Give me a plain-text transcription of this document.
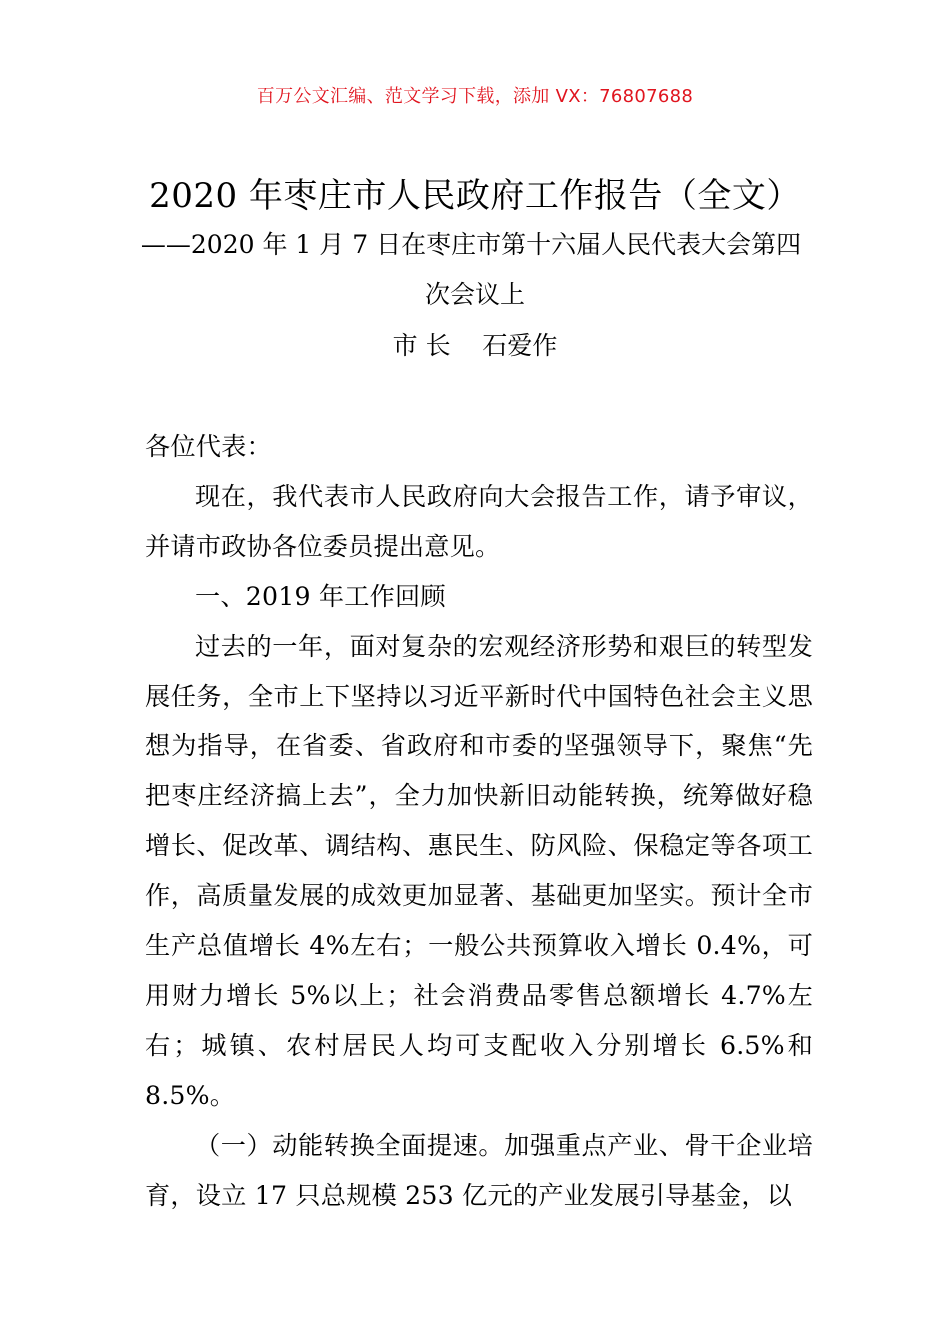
百万公文汇编、范文学习下载，添加 VX：76807688
2020 年枣庄市人民政府工作报告（全文）
——2020 年 1 月 7 日在枣庄市第十六届人民代表大会第四
次会议上
市 长    石爱作

各位代表：

现在，我代表市人民政府向大会报告工作，请予审议，并请市政协各位委员提出意见。

一、2019 年工作回顾

过去的一年，面对复杂的宏观经济形势和艰巨的转型发展任务，全市上下坚持以习近平新时代中国特色社会主义思想为指导，在省委、省政府和市委的坚强领导下，聚焦“先把枣庄经济搞上去”，全力加快新旧动能转换，统筹做好稳增长、促改革、调结构、惠民生、防风险、保稳定等各项工作，高质量发展的成效更加显著、基础更加坚实。预计全市生产总值增长 4%左右；一般公共预算收入增长 0.4%，可用财力增长 5%以上；社会消费品零售总额增长 4.7%左右；城镇、农村居民人均可支配收入分别增长 6.5%和 8.5%。

（一）动能转换全面提速。加强重点产业、骨干企业培育，设立 17 只总规模 253 亿元的产业发展引导基金，以
